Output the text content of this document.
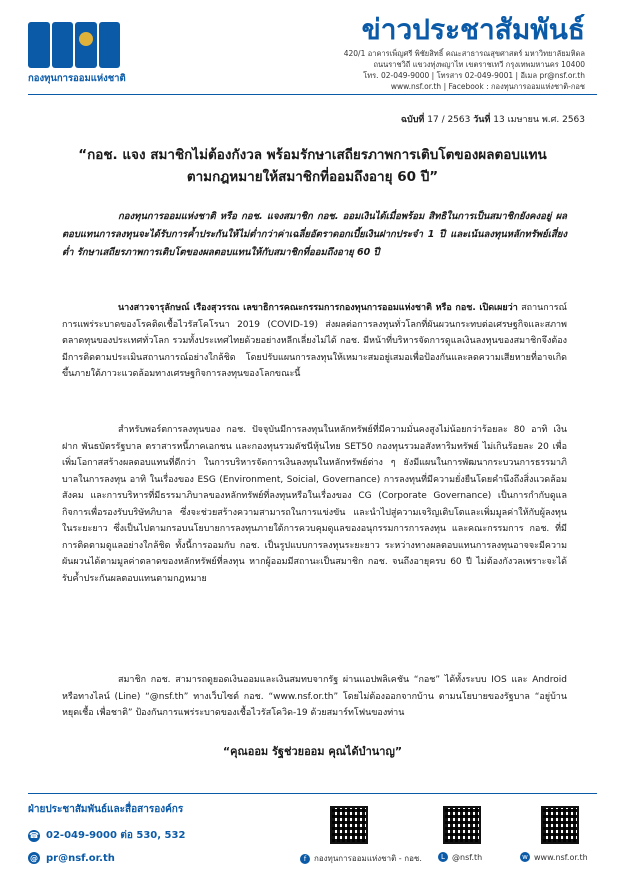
กองทุนการออมแห่งชาติ
ข่าวประชาสัมพันธ์
420/1 อาคารเพ็ญศรี พิชัยสิทธิ์ คณะสาธารณสุขศาสตร์ มหาวิทยาลัยมหิดล
ถนนราชวิถี แขวงทุ่งพญาไท เขตราชเทวี กรุงเทพมหานคร 10400
โทร. 02-049-9000 | โทรสาร 02-049-9001 | อีเมล pr@nsf.or.th
www.nsf.or.th | Facebook : กองทุนการออมแห่งชาติ-กอช
ฉบับที่ 17 / 2563 วันที่ 13 เมษายน พ.ศ. 2563
“กอช. แจง สมาชิกไม่ต้องกังวล พร้อมรักษาเสถียรภาพการเติบโตของผลตอบแทน
ตามกฎหมายให้สมาชิกที่ออมถึงอายุ 60 ปี”
กองทุนการออมแห่งชาติ หรือ กอช. แจงสมาชิก กอช. ออมเงินได้เมื่อพร้อม สิทธิในการเป็นสมาชิกยังคงอยู่ ผลตอบแทนการลงทุนจะได้รับการค้ำประกันให้ไม่ต่ำกว่าค่าเฉลี่ยอัตราดอกเบี้ยเงินฝากประจำ 1 ปี และเน้นลงทุนหลักทรัพย์เสี่ยงต่ำ รักษาเสถียรภาพการเติบโตของผลตอบแทนให้กับสมาชิกที่ออมถึงอายุ 60 ปี
นางสาวจารุลักษณ์ เรืองสุวรรณ เลขาธิการคณะกรรมการกองทุนการออมแห่งชาติ หรือ กอช. เปิดเผยว่า สถานการณ์การแพร่ระบาดของโรคติดเชื้อไวรัสโคโรนา 2019 (COVID-19) ส่งผลต่อการลงทุนทั่วโลกที่ผันผวนกระทบต่อเศรษฐกิจและสภาพตลาดทุนของประเทศทั่วโลก รวมทั้งประเทศไทยด้วยอย่างหลีกเลี่ยงไม่ได้ กอช. มีหน้าที่บริหารจัดการดูแลเงินลงทุนของสมาชิกจึงต้องมีการติดตามประเมินสถานการณ์อย่างใกล้ชิด โดยปรับแผนการลงทุนให้เหมาะสมอยู่เสมอเพื่อป้องกันและลดความเสียหายที่อาจเกิดขึ้นภายใต้ภาวะแวดล้อมทางเศรษฐกิจการลงทุนของโลกขณะนี้
สำหรับพอร์ตการลงทุนของ กอช. ปัจจุบันมีการลงทุนในหลักทรัพย์ที่มีความมั่นคงสูงไม่น้อยกว่าร้อยละ 80 อาทิ เงินฝาก พันธบัตรรัฐบาล ตราสารหนี้ภาคเอกชน และกองทุนรวมดัชนีหุ้นไทย SET50 กองทุนรวมอสังหาริมทรัพย์ ไม่เกินร้อยละ 20 เพื่อเพิ่มโอกาสสร้างผลตอบแทนที่ดีกว่า ในการบริหารจัดการเงินลงทุนในหลักทรัพย์ต่าง ๆ ยังมีแผนในการพัฒนากระบวนการธรรมาภิบาลในการลงทุน อาทิ ในเรื่องของ ESG (Environment, Soicial, Governance) การลงทุนที่มีความยั่งยืนโดยคำนึงถึงสิ่งแวดล้อม สังคม และการบริหารที่มีธรรมาภิบาลของหลักทรัพย์ที่ลงทุนหรือในเรื่องของ CG (Corporate Governance) เป็นการกำกับดูแลกิจการเพื่อรองรับบริษัทภิบาล ซึ่งจะช่วยสร้างความสามารถในการแข่งขัน และนำไปสู่ความเจริญเติบโตและเพิ่มมูลค่าให้กับผู้ลงทุนในระยะยาว ซึ่งเป็นไปตามกรอบนโยบายการลงทุนภายใต้การควบคุมดูแลของอนุกรรมการการลงทุน และคณะกรรมการ กอช. ที่มีการติดตามดูแลอย่างใกล้ชิด ทั้งนี้การออมกับ กอช. เป็นรูปแบบการลงทุนระยะยาว ระหว่างทางผลตอบแทนการลงทุนอาจจะมีความผันผวนได้ตามมูลค่าตลาดของหลักทรัพย์ที่ลงทุน หากผู้ออมมีสถานะเป็นสมาชิก กอช. จนถึงอายุครบ 60 ปี ไม่ต้องกังวลเพราะจะได้รับค้ำประกันผลตอบแทนตามกฎหมาย
สมาชิก กอช. สามารถดูยอดเงินออมและเงินสมทบจากรัฐ ผ่านแอปพลิเคชัน “กอช” ได้ทั้งระบบ IOS และ Android หรือทางไลน์ (Line) “@nsf.th” ทางเว็บไซต์ กอช. “www.nsf.or.th” โดยไม่ต้องออกจากบ้าน ตามนโยบายของรัฐบาล “อยู่บ้าน หยุดเชื้อ เพื่อชาติ” ป้องกันการแพร่ระบาดของเชื้อไวรัสโควิด-19 ด้วยสมาร์ทโฟนของท่าน
“คุณออม รัฐช่วยออม คุณได้บำนาญ”
ฝ่ายประชาสัมพันธ์และสื่อสารองค์กร
☎ 02-049-9000 ต่อ 530, 532
@ pr@nsf.or.th	f กองทุนการออมแห่งชาติ - กอช.	L @nsf.th	w www.nsf.or.th
